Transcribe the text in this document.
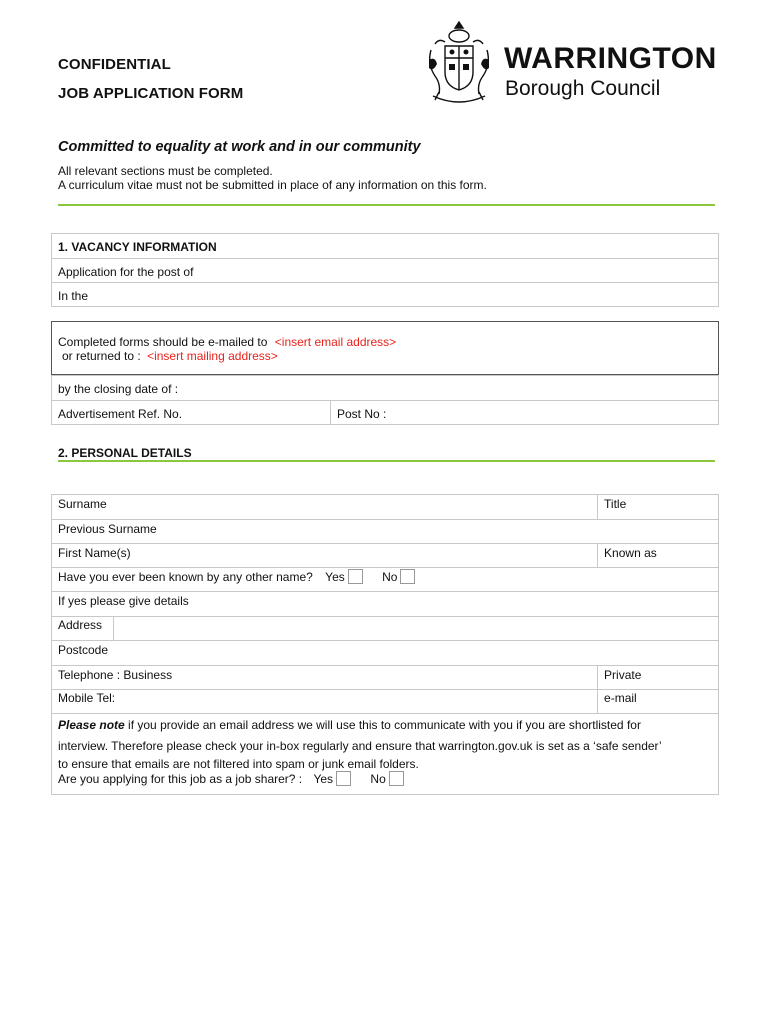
CONFIDENTIAL
JOB APPLICATION FORM
WARRINGTON
Borough Council
Committed to equality at work and in our community
All relevant sections must be completed.
A curriculum vitae must not be submitted in place of any information on this form.
1. VACANCY INFORMATION
Application for the post of
In the
Completed forms should be e-mailed to <insert email address>
or returned to : <insert mailing address>
by the closing date of :
Advertisement Ref. No.	Post No :
2. PERSONAL DETAILS
Surname		Title
Previous Surname		
First Name(s)		Known as
Have you ever been known by any other name? Yes No		
If yes please give details		
Address		
Postcode		
Telephone : Business		Private
Mobile Tel:		e-mail

Please note if you provide an email address we will use this to communicate with you if you are shortlisted for
interview. Therefore please check your in-box regularly and ensure that warrington.gov.uk is set as a ‘safe sender’
to ensure that emails are not filtered into spam or junk email folders.
Are you applying for this job as a job sharer? : Yes No		
